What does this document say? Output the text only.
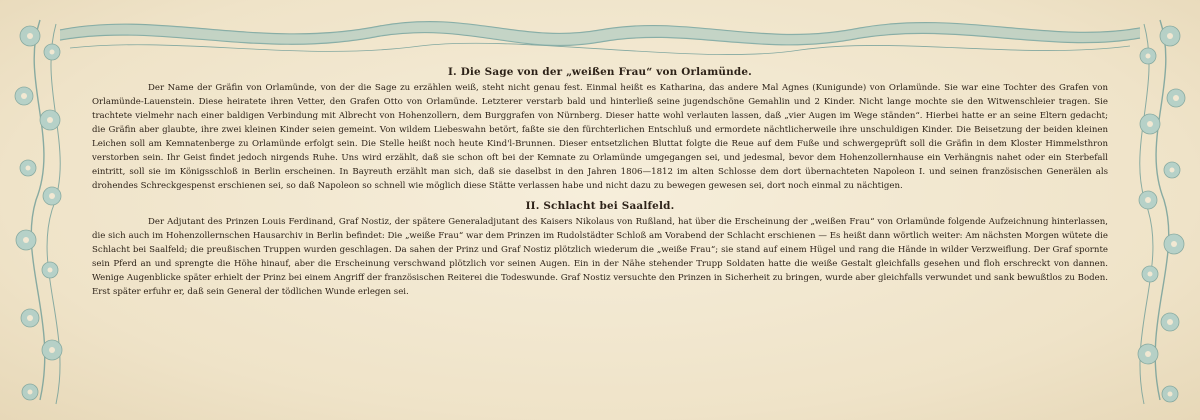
I. Die Sage von der „weißen Frau“ von Orlamünde.

Der Name der Gräfin von Orlamünde, von der die Sage zu erzählen weiß, steht nicht genau fest. Einmal heißt es Katharina, das andere Mal Agnes (Kunigunde) von Orlamünde. Sie war eine Tochter des Grafen von Orlamünde-Lauenstein. Diese heiratete ihren Vetter, den Grafen Otto von Orlamünde. Letzterer verstarb bald und hinterließ seine jugendschöne Gemahlin und 2 Kinder. Nicht lange mochte sie den Witwenschleier tragen. Sie trachtete vielmehr nach einer baldigen Verbindung mit Albrecht von Hohenzollern, dem Burggrafen von Nürnberg. Dieser hatte wohl verlauten lassen, daß „vier Augen im Wege ständen“. Hierbei hatte er an seine Eltern gedacht; die Gräfin aber glaubte, ihre zwei kleinen Kinder seien gemeint. Von wildem Liebeswahn betört, faßte sie den fürchterlichen Entschluß und ermordete nächtlicherweile ihre unschuldigen Kinder. Die Beisetzung der beiden kleinen Leichen soll am Kemnatenberge zu Orlamünde erfolgt sein. Die Stelle heißt noch heute Kind'l-Brunnen. Dieser entsetzlichen Bluttat folgte die Reue auf dem Fuße und schwergeprüft soll die Gräfin in dem Kloster Himmelsthron verstorben sein. Ihr Geist findet jedoch nirgends Ruhe. Uns wird erzählt, daß sie schon oft bei der Kemnate zu Orlamünde umgegangen sei, und jedesmal, bevor dem Hohenzollernhause ein Verhängnis nahet oder ein Sterbefall eintritt, soll sie im Königsschloß in Berlin erscheinen. In Bayreuth erzählt man sich, daß sie daselbst in den Jahren 1806—1812 im alten Schlosse dem dort übernachteten Napoleon I. und seinen französischen Generälen als drohendes Schreckgespenst erschienen sei, so daß Napoleon so schnell wie möglich diese Stätte verlassen habe und nicht dazu zu bewegen gewesen sei, dort noch einmal zu nächtigen.

II. Schlacht bei Saalfeld.

Der Adjutant des Prinzen Louis Ferdinand, Graf Nostiz, der spätere Generaladjutant des Kaisers Nikolaus von Rußland, hat über die Erscheinung der „weißen Frau“ von Orlamünde folgende Aufzeichnung hinterlassen, die sich auch im Hohenzollernschen Hausarchiv in Berlin befindet: Die „weiße Frau“ war dem Prinzen im Rudolstädter Schloß am Vorabend der Schlacht erschienen — Es heißt dann wörtlich weiter: Am nächsten Morgen wütete die Schlacht bei Saalfeld; die preußischen Truppen wurden geschlagen. Da sahen der Prinz und Graf Nostiz plötzlich wiederum die „weiße Frau“; sie stand auf einem Hügel und rang die Hände in wilder Verzweiflung. Der Graf spornte sein Pferd an und sprengte die Höhe hinauf, aber die Erscheinung verschwand plötzlich vor seinen Augen. Ein in der Nähe stehender Trupp Soldaten hatte die weiße Gestalt gleichfalls gesehen und floh erschreckt von dannen. Wenige Augenblicke später erhielt der Prinz bei einem Angriff der französischen Reiterei die Todeswunde. Graf Nostiz versuchte den Prinzen in Sicherheit zu bringen, wurde aber gleichfalls verwundet und sank bewußtlos zu Boden. Erst später erfuhr er, daß sein General der tödlichen Wunde erlegen sei.
